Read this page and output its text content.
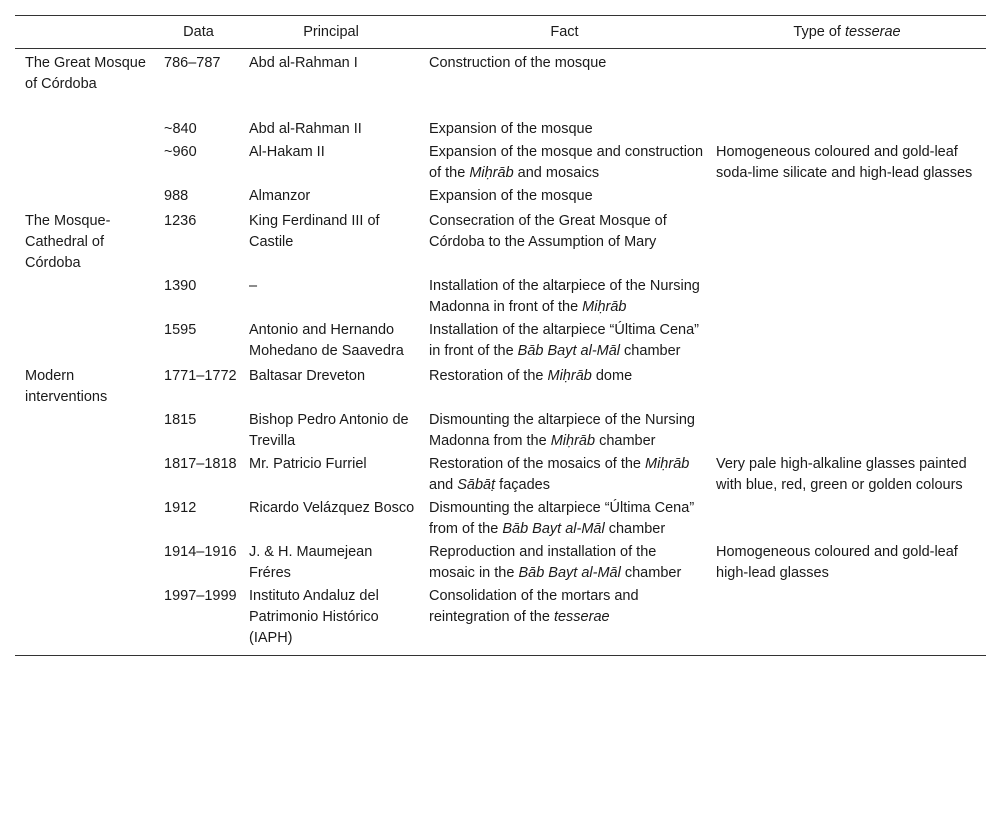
	Data	Principal	Fact	Type of tesserae
The Great Mosque of Córdoba	786–787	Abd al-Rahman I	Construction of the mosque	
	~840	Abd al-Rahman II	Expansion of the mosque	
	~960	Al-Hakam II	Expansion of the mosque and construction of the Miḥrāb and mosaics	Homogeneous coloured and gold-leaf soda-lime silicate and high-lead glasses
	988	Almanzor	Expansion of the mosque	
The Mosque-Cathedral of Córdoba	1236	King Ferdinand III of Castile	Consecration of the Great Mosque of Córdoba to the Assumption of Mary	
	1390	–	Installation of the altarpiece of the Nursing Madonna in front of the Miḥrāb	
	1595	Antonio and Hernando Mohedano de Saavedra	Installation of the altarpiece “Última Cena” in front of the Bāb Bayt al-Māl chamber	
Modern interventions	1771–1772	Baltasar Dreveton	Restoration of the Miḥrāb dome	
	1815	Bishop Pedro Antonio de Trevilla	Dismounting the altarpiece of the Nursing Madonna from the Miḥrāb chamber	
	1817–1818	Mr. Patricio Furriel	Restoration of the mosaics of the Miḥrāb and Sābāṭ façades	Very pale high-alkaline glasses painted with blue, red, green or golden colours
	1912	Ricardo Velázquez Bosco	Dismounting the altarpiece “Última Cena” from of the Bāb Bayt al-Māl chamber	
	1914–1916	J. & H. Maumejean Fréres	Reproduction and installation of the mosaic in the Bāb Bayt al-Māl chamber	Homogeneous coloured and gold-leaf high-lead glasses
	1997–1999	Instituto Andaluz del Patrimonio Histórico (IAPH)	Consolidation of the mortars and reintegration of the tesserae	
